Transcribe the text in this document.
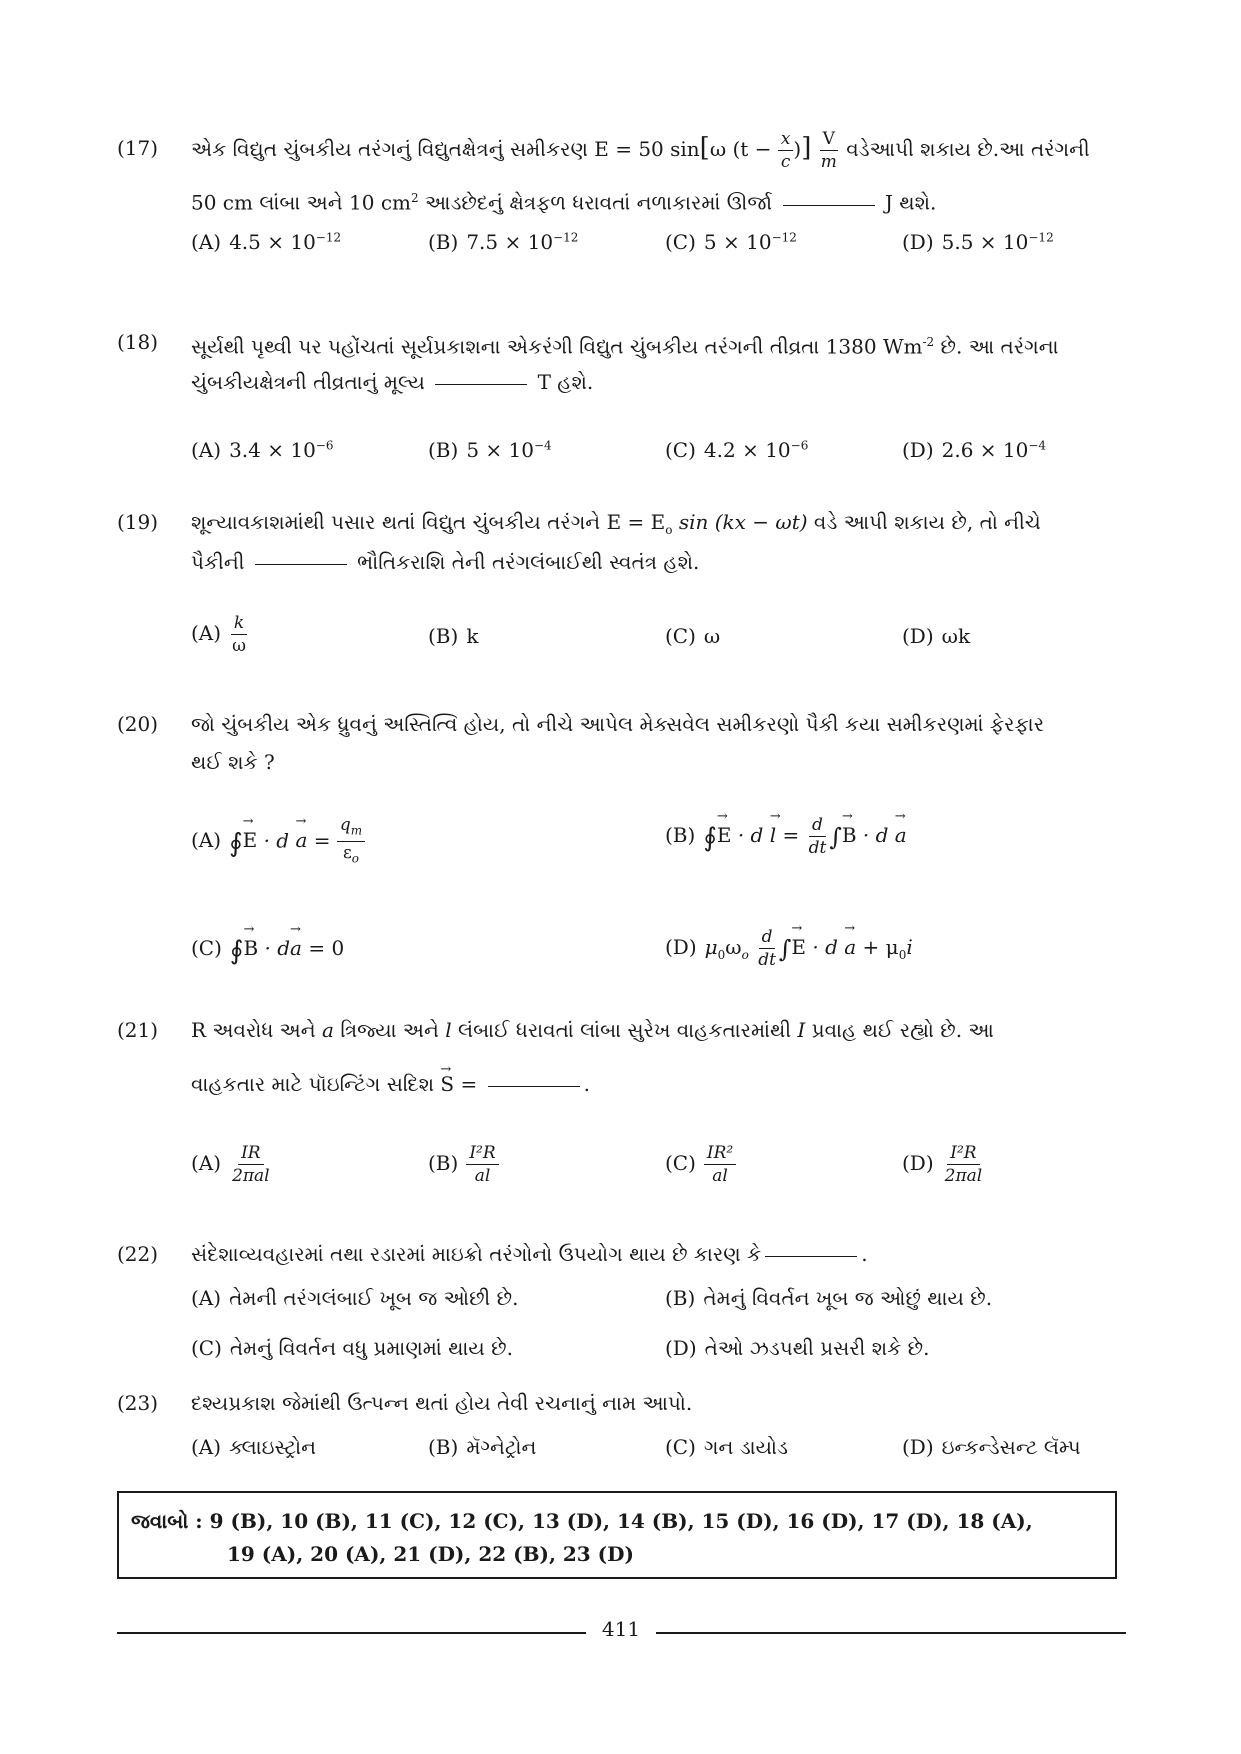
(17)	એક વિદ્યુત ચુંબકીય તરંગનું વિદ્યુતક્ષેત્રનું સમીકરણ E = 50 sin[ω ($t - \frac{x}{c}$ )] $\frac{V}{m}$ વડેઆપી શકાય છે.આ તરંગની
50 cm લાંબા અને 10 $cm^2$ આડછેદનું ક્ષેત્રફળ ધરાવતાં નળાકારમાં ઊર્જા	J થશે.
(A) $4.5 \times 10^{-12}$	(B) $7.5 \times 10^{-12}$	(C) $5 \times 10^{-12}$	(D) $5.5 \times 10^{-12}$
(18)	સૂર્યથી પૃથ્વી પર પહોંચતાં સૂર્યપ્રકાશના એકરંગી વિદ્યુત ચુંબકીય તરંગની તીવ્રતા 1380 $Wm^{-2}$ છે. આ તરંગના
ચુંબકીયક્ષેત્રની તીવ્રતાનું મૂલ્ય	T હશે.
(A) $3.4 \times 10^{-6}$	(B) $5 \times 10^{-4}$	(C) $4.2 \times 10^{-6}$	(D) $2.6 \times 10^{-4}$
(19)	શૂન્યાવકાશમાંથી પસાર થતાં વિદ્યુત ચુંબકીય તરંગને $E = E_o$ sin (kx − ωt) વડે આપી શકાય છે, તો નીચે
પૈકીની	ભૌતિકરાશિ તેની તરંગલંબાઈથી સ્વતંત્ર હશે.
$(A) \frac{k}{\omega}$	(B) k	(C) ω	(D) ωk
(20)	જો ચુંબકીય એક ધ્રુવનું અસ્તિત્વિ હોય, તો નીચે આપેલ મેક્સવેલ સમીકરણો પૈકી કયા સમીકરણમાં ફેરફાર
થઈ શકે ?
(A) ∮→ $E \cdot d \to a = \frac{q_m}{\varepsilon_o}$	(B) ∮→ $E \cdot d \to l = \frac{d}{dt}$ ∫→ B · d → a
(C) ∮→ B · d→ a = 0	(D) $\mu_0\omega_o \frac{d}{dt}$ ∫→ $E \cdot d \to a + \mu_0i$
(21)	R અવરોધ અને a ત્રિજ્યા અને l લંબાઈ ધરાવતાં લાંબા સુરેખ વાહકતારમાંથી I પ્રવાહ થઈ રહ્યો છે. આ
વાહકતાર માટે પૉઇન્ટિંગ સદિશ → S =	.
$(A) \frac{IR}{\text{2πal}}$	$(B) \frac{\text{I²R}}{al}$	$(C) \frac{\text{IR²}}{al}$	$(D) \frac{\text{I²R}}{\text{2πal}}$
(22)	સંદેશાવ્યવહારમાં તથા રડારમાં માઇક્રો તરંગોનો ઉપયોગ થાય છે કારણ કે	.
(A) તેમની તરંગલંબાઈ ખૂબ જ ઓછી છે.	(B) તેમનું વિવર્તન ખૂબ જ ઓછું થાય છે.
(C) તેમનું વિવર્તન વધુ પ્રમાણમાં થાય છે.	(D) તેઓ ઝડપથી પ્રસરી શકે છે.
(23)	દશ્યપ્રકાશ જેમાંથી ઉત્પન્ન થતાં હોય તેવી રચનાનું નામ આપો.
(A) ક્લાઇસ્ટ્રોન	(B) મૅગ્નેટ્રોન	(C) ગન ડાયોડ	(D) ઇન્કન્ડેસન્ટ લૅમ્પ
જવાબો : 9 (B), 10 (B), 11 (C), 12 (C), 13 (D), 14 (B), 15 (D), 16 (D), 17 (D), 18 (A),
19 (A), 20 (A), 21 (D), 22 (B), 23 (D)
411
